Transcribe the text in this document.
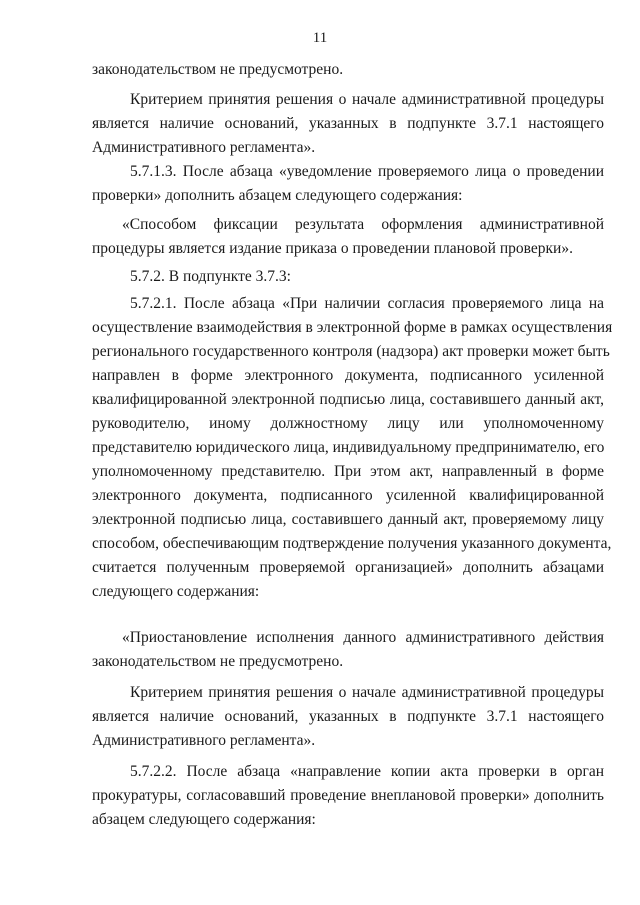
11
законодательством не предусмотрено.
Критерием принятия решения о начале административной процедуры
является наличие оснований, указанных в подпункте 3.7.1 настоящего
Административного регламента».
5.7.1.3. После абзаца «уведомление проверяемого лица о проведении
проверки» дополнить абзацем следующего содержания:
«Способом фиксации результата оформления административной
процедуры является издание приказа о проведении плановой проверки».
5.7.2. В подпункте 3.7.3:
5.7.2.1. После абзаца «При наличии согласия проверяемого лица на
осуществление взаимодействия в электронной форме в рамках осуществления
регионального государственного контроля (надзора) акт проверки может быть
направлен в форме электронного документа, подписанного усиленной
квалифицированной электронной подписью лица, составившего данный акт,
руководителю, иному должностному лицу или уполномоченному
представителю юридического лица, индивидуальному предпринимателю, его
уполномоченному представителю. При этом акт, направленный в форме
электронного документа, подписанного усиленной квалифицированной
электронной подписью лица, составившего данный акт, проверяемому лицу
способом, обеспечивающим подтверждение получения указанного документа,
считается полученным проверяемой организацией» дополнить абзацами
следующего содержания:
«Приостановление исполнения данного административного действия
законодательством не предусмотрено.
Критерием принятия решения о начале административной процедуры
является наличие оснований, указанных в подпункте 3.7.1 настоящего
Административного регламента».
5.7.2.2. После абзаца «направление копии акта проверки в орган
прокуратуры, согласовавший проведение внеплановой проверки» дополнить
абзацем следующего содержания:
